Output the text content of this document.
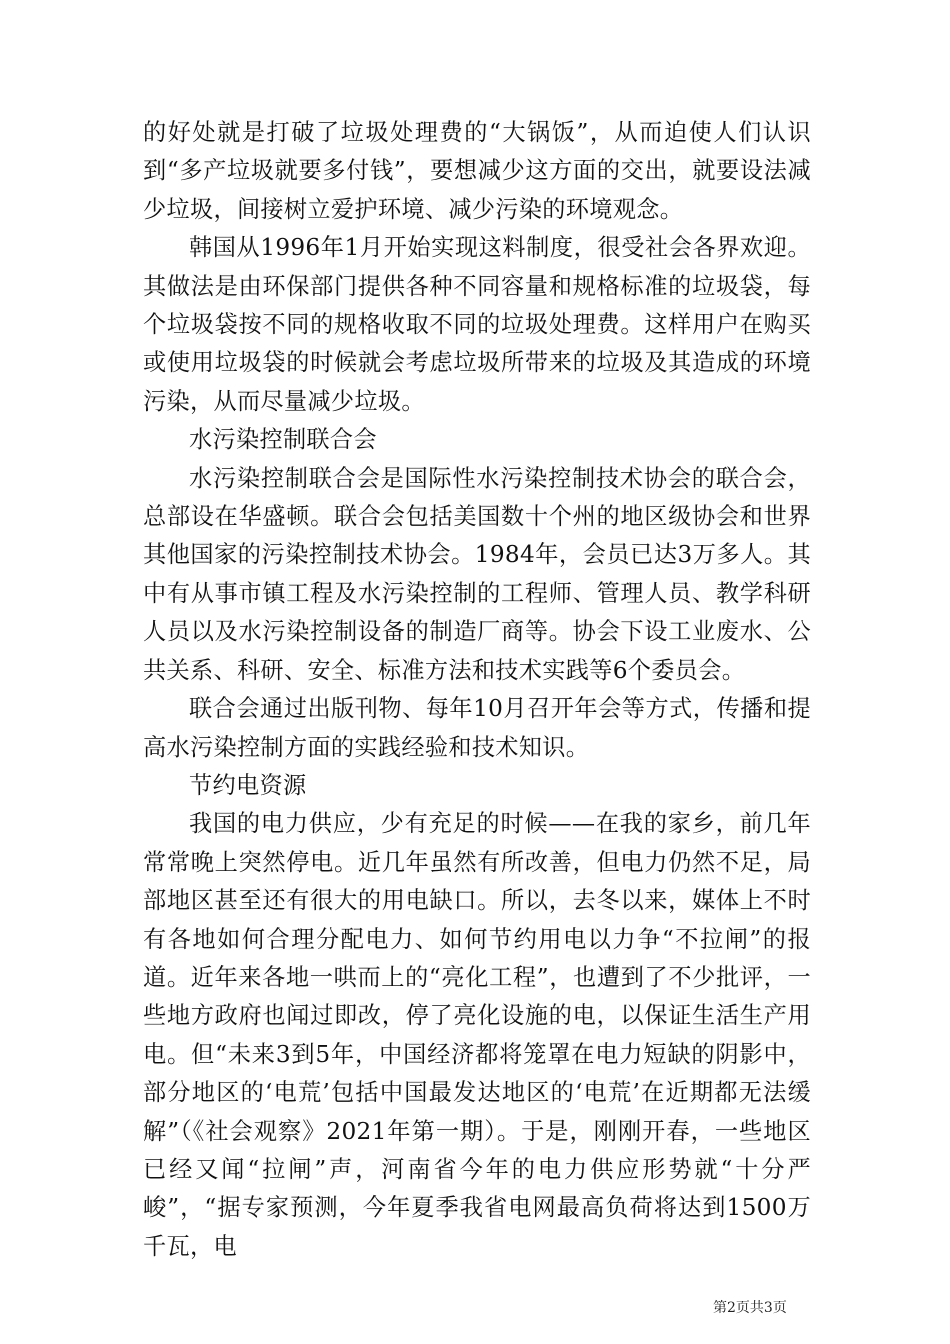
的好处就是打破了垃圾处理费的“大锅饭”，从而迫使人们认识到“多产垃圾就要多付钱”，要想减少这方面的交出，就要设法减少垃圾，间接树立爱护环境、减少污染的环境观念。

韩国从1996年1月开始实现这料制度，很受社会各界欢迎。其做法是由环保部门提供各种不同容量和规格标准的垃圾袋，每个垃圾袋按不同的规格收取不同的垃圾处理费。这样用户在购买或使用垃圾袋的时候就会考虑垃圾所带来的垃圾及其造成的环境污染，从而尽量减少垃圾。

水污染控制联合会

水污染控制联合会是国际性水污染控制技术协会的联合会，总部设在华盛顿。联合会包括美国数十个州的地区级协会和世界其他国家的污染控制技术协会。1984年，会员已达3万多人。其中有从事市镇工程及水污染控制的工程师、管理人员、教学科研人员以及水污染控制设备的制造厂商等。协会下设工业废水、公共关系、科研、安全、标准方法和技术实践等6个委员会。

联合会通过出版刊物、每年10月召开年会等方式，传播和提高水污染控制方面的实践经验和技术知识。

节约电资源

我国的电力供应，少有充足的时候——在我的家乡，前几年常常晚上突然停电。近几年虽然有所改善，但电力仍然不足，局部地区甚至还有很大的用电缺口。所以，去冬以来，媒体上不时有各地如何合理分配电力、如何节约用电以力争“不拉闸”的报道。近年来各地一哄而上的“亮化工程”，也遭到了不少批评，一些地方政府也闻过即改，停了亮化设施的电，以保证生活生产用电。但“未来3到5年，中国经济都将笼罩在电力短缺的阴影中，部分地区的‘电荒’包括中国最发达地区的‘电荒’在近期都无法缓解”（《社会观察》2021年第一期）。于是，刚刚开春，一些地区已经又闻“拉闸”声，河南省今年的电力供应形势就“十分严峻”，“据专家预测，今年夏季我省电网最高负荷将达到1500万千瓦，电

第2页共3页
